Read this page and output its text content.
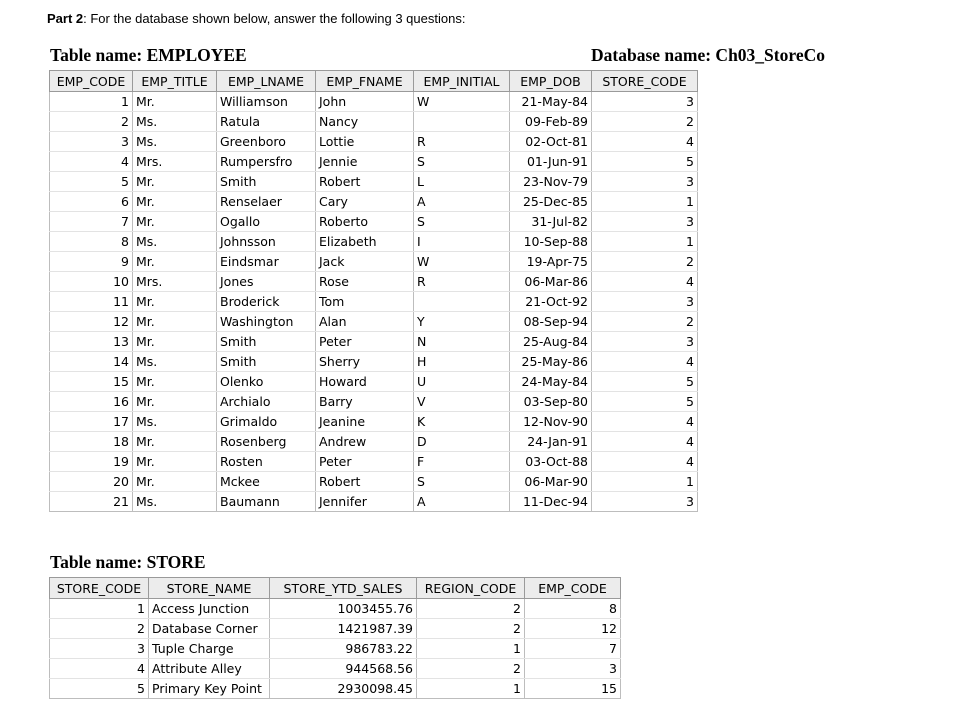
Part 2: For the database shown below, answer the following 3 questions:
Table name: EMPLOYEE	Database name: Ch03_StoreCo
EMP_CODE	EMP_TITLE	EMP_LNAME	EMP_FNAME	EMP_INITIAL	EMP_DOB	STORE_CODE
1	Mr.	Williamson	John	W	21-May-84	3
2	Ms.	Ratula	Nancy		09-Feb-89	2
3	Ms.	Greenboro	Lottie	R	02-Oct-81	4
4	Mrs.	Rumpersfro	Jennie	S	01-Jun-91	5
5	Mr.	Smith	Robert	L	23-Nov-79	3
6	Mr.	Renselaer	Cary	A	25-Dec-85	1
7	Mr.	Ogallo	Roberto	S	31-Jul-82	3
8	Ms.	Johnsson	Elizabeth	I	10-Sep-88	1
9	Mr.	Eindsmar	Jack	W	19-Apr-75	2
10	Mrs.	Jones	Rose	R	06-Mar-86	4
11	Mr.	Broderick	Tom		21-Oct-92	3
12	Mr.	Washington	Alan	Y	08-Sep-94	2
13	Mr.	Smith	Peter	N	25-Aug-84	3
14	Ms.	Smith	Sherry	H	25-May-86	4
15	Mr.	Olenko	Howard	U	24-May-84	5
16	Mr.	Archialo	Barry	V	03-Sep-80	5
17	Ms.	Grimaldo	Jeanine	K	12-Nov-90	4
18	Mr.	Rosenberg	Andrew	D	24-Jan-91	4
19	Mr.	Rosten	Peter	F	03-Oct-88	4
20	Mr.	Mckee	Robert	S	06-Mar-90	1
21	Ms.	Baumann	Jennifer	A	11-Dec-94	3
Table name: STORE
STORE_CODE	STORE_NAME	STORE_YTD_SALES	REGION_CODE	EMP_CODE
1	Access Junction	1003455.76	2	8
2	Database Corner	1421987.39	2	12
3	Tuple Charge	986783.22	1	7
4	Attribute Alley	944568.56	2	3
5	Primary Key Point	2930098.45	1	15
